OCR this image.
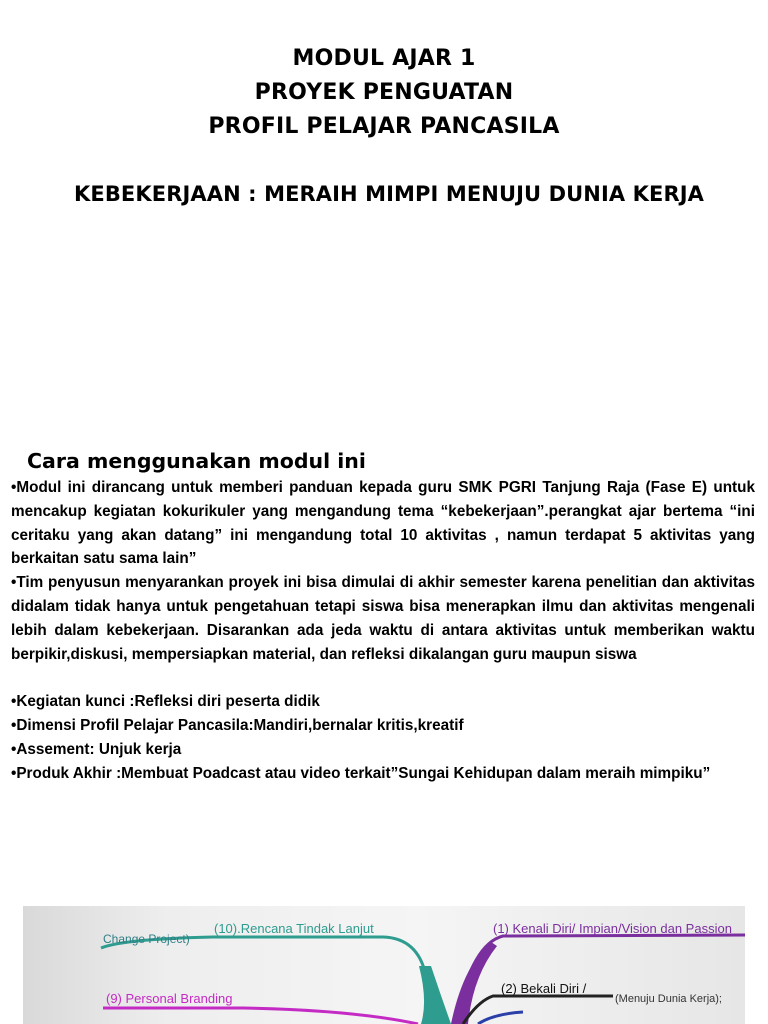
MODUL AJAR 1
PROYEK PENGUATAN
PROFIL PELAJAR PANCASILA
KEBEKERJAAN : MERAIH MIMPI MENUJU DUNIA KERJA
Cara menggunakan modul ini

•Modul ini dirancang untuk memberi panduan kepada guru SMK PGRI Tanjung Raja (Fase E) untuk mencakup kegiatan kokurikuler yang mengandung tema “kebekerjaan”.perangkat ajar bertema “ini ceritaku yang akan datang” ini mengandung total 10 aktivitas , namun terdapat 5 aktivitas yang berkaitan satu sama lain”

•Tim penyusun menyarankan proyek ini bisa dimulai di akhir semester karena penelitian dan aktivitas didalam tidak hanya untuk pengetahuan tetapi siswa bisa menerapkan ilmu dan aktivitas mengenali lebih dalam kebekerjaan. Disarankan ada jeda waktu di antara aktivitas untuk memberikan waktu berpikir,diskusi, mempersiapkan material, dan refleksi dikalangan guru maupun siswa

•Kegiatan kunci :Refleksi diri peserta didik

•Dimensi Profil Pelajar Pancasila:Mandiri,bernalar kritis,kreatif

•Assement: Unjuk kerja

•Produk Akhir :Membuat Poadcast atau video terkait”Sungai Kehidupan dalam meraih mimpiku”

Change Project)
(10).Rencana Tindak Lanjut	(1) Kenali Diri/ Impian/Vision dan Passion
(2) Bekali Diri /
(Menuju Dunia Kerja);
(9) Personal Branding
